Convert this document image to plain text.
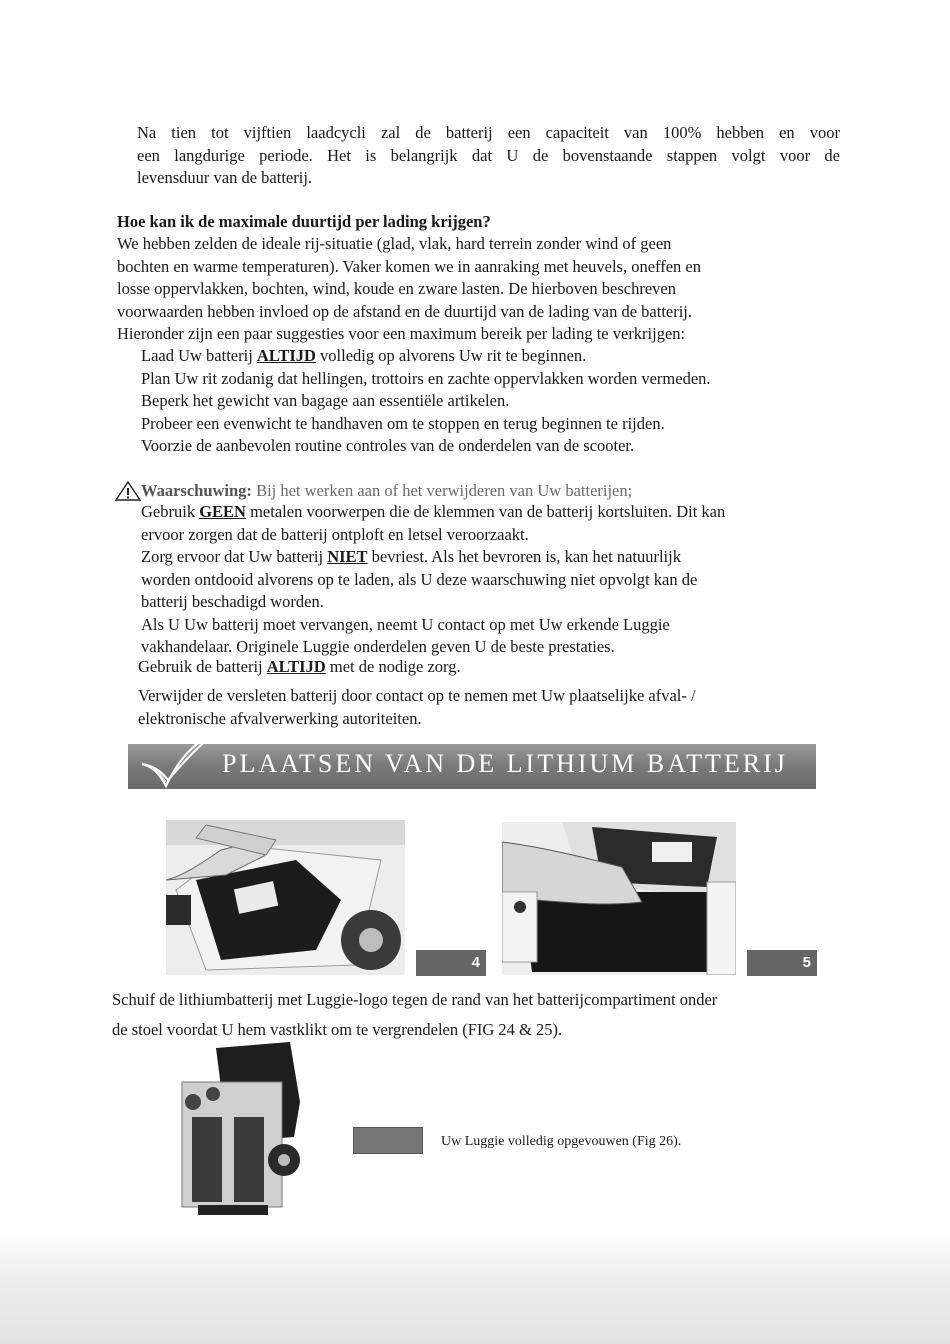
Na tien tot vijftien laadcycli zal de batterij een capaciteit van 100% hebben en voor

een langdurige periode. Het is belangrijk dat U de bovenstaande stappen volgt voor de

levensduur van de batterij.

Hoe kan ik de maximale duurtijd per lading krijgen?

We hebben zelden de ideale rij-situatie (glad, vlak, hard terrein zonder wind of geen

bochten en warme temperaturen). Vaker komen we in aanraking met heuvels, oneffen en

losse oppervlakken, bochten, wind, koude en zware lasten. De hierboven beschreven

voorwaarden hebben invloed op de afstand en de duurtijd van de lading van de batterij.

Hieronder zijn een paar suggesties voor een maximum bereik per lading te verkrijgen:

Laad Uw batterij ALTIJD volledig op alvorens Uw rit te beginnen.

Plan Uw rit zodanig dat hellingen, trottoirs en zachte oppervlakken worden vermeden.

Beperk het gewicht van bagage aan essentiële artikelen.

Probeer een evenwicht te handhaven om te stoppen en terug beginnen te rijden.

Voorzie de aanbevolen routine controles van de onderdelen van de scooter.

Waarschuwing: Bij het werken aan of het verwijderen van Uw batterijen;

Gebruik GEEN metalen voorwerpen die de klemmen van de batterij kortsluiten. Dit kan

ervoor zorgen dat de batterij ontploft en letsel veroorzaakt.

Zorg ervoor dat Uw batterij NIET bevriest. Als het bevroren is, kan het natuurlijk

worden ontdooid alvorens op te laden, als U deze waarschuwing niet opvolgt kan de

batterij beschadigd worden.

Als U Uw batterij moet vervangen, neemt U contact op met Uw erkende Luggie

vakhandelaar. Originele Luggie onderdelen geven U de beste prestaties.

Gebruik de batterij ALTIJD met de nodige zorg.

Verwijder de versleten batterij door contact op te nemen met Uw plaatselijke afval- /

elektronische afvalverwerking autoriteiten.

PLAATSEN VAN DE LITHIUM BATTERIJ
4	5

Schuif de lithiumbatterij met Luggie-logo tegen de rand van het batterijcompartiment onder

de stoel voordat U hem vastklikt om te vergrendelen (FIG 24 & 25).

Uw Luggie volledig opgevouwen (Fig 26).
